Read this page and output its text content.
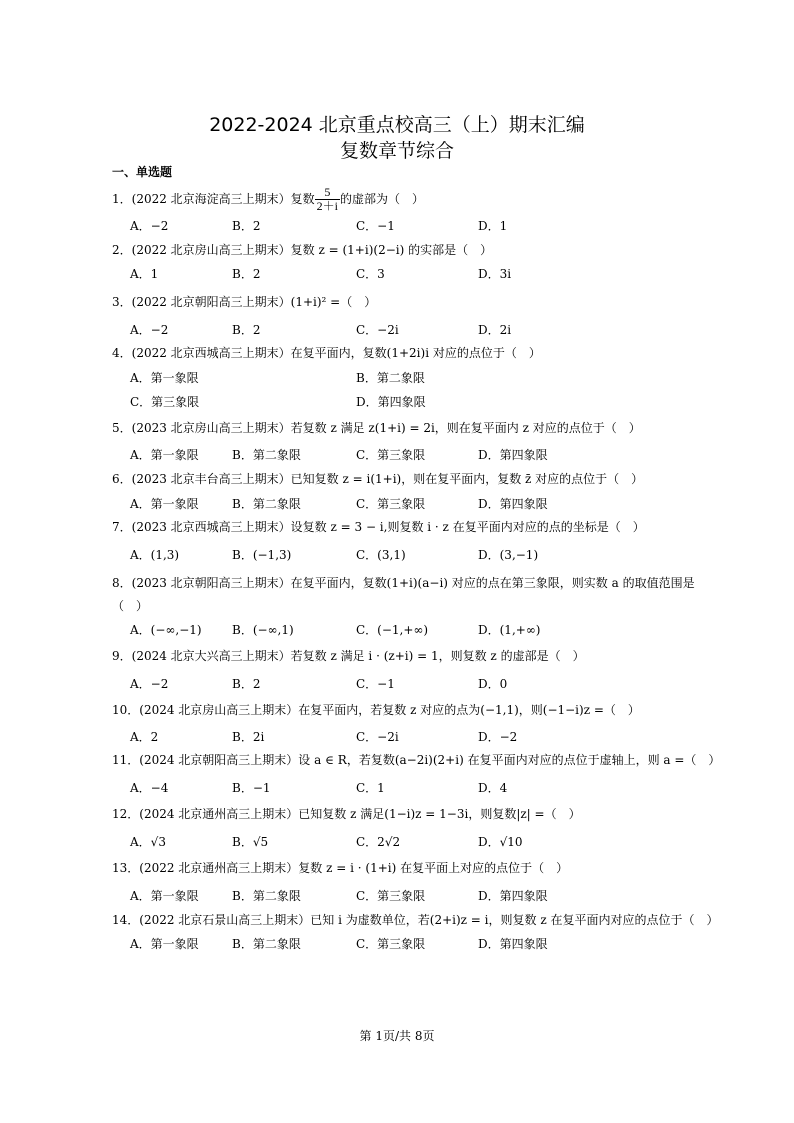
2022-2024 北京重点校高三（上）期末汇编
复数章节综合
一、单选题
1．(2022 北京海淀高三上期末）复数 $\frac{5}{2+i}$ 的虚部为（　）
A．−2	B．2	C．−1	D．1
2．(2022 北京房山高三上期末）复数 z = (1+i)(2−i) 的实部是（　）
A．1	B．2	C．3	D．3i
3．(2022 北京朝阳高三上期末）(1+i)² =（　）
A．−2	B．2	C．−2i	D．2i
4．(2022 北京西城高三上期末）在复平面内，复数(1+2i)i 对应的点位于（　）
A．第一象限	B．第二象限
C．第三象限	D．第四象限
5．(2023 北京房山高三上期末）若复数 z 满足 z(1+i) = 2i，则在复平面内 z 对应的点位于（　）
A．第一象限	B．第二象限	C．第三象限	D．第四象限
6．(2023 北京丰台高三上期末）已知复数 z = i(1+i)，则在复平面内，复数 z̄ 对应的点位于（　）
A．第一象限	B．第二象限	C．第三象限	D．第四象限
7．(2023 北京西城高三上期末）设复数 z = 3 − i,则复数 i · z 在复平面内对应的点的坐标是（　）
A．(1,3)	B．(−1,3)	C．(3,1)	D．(3,−1)
8．(2023 北京朝阳高三上期末）在复平面内，复数(1+i)(a−i) 对应的点在第三象限，则实数 a 的取值范围是
（　）
A．(−∞,−1)	B．(−∞,1)	C．(−1,+∞)	D．(1,+∞)
9．(2024 北京大兴高三上期末）若复数 z 满足 i · (z+i) = 1，则复数 z 的虚部是（　）
A．−2	B．2	C．−1	D．0
10．(2024 北京房山高三上期末）在复平面内，若复数 z 对应的点为(−1,1)，则(−1−i)z =（　）
A．2	B．2i	C．−2i	D．−2
11．(2024 北京朝阳高三上期末）设 a ∈ R，若复数(a−2i)(2+i) 在复平面内对应的点位于虚轴上，则 a =（　）
A．−4	B．−1	C．1	D．4
12．(2024 北京通州高三上期末）已知复数 z 满足(1−i)z = 1−3i，则复数|z| =（　）
A．√3	B．√5	C．2√2	D．√10
13．(2022 北京通州高三上期末）复数 z = i · (1+i) 在复平面上对应的点位于（　）
A．第一象限	B．第二象限	C．第三象限	D．第四象限
14．(2022 北京石景山高三上期末）已知 i 为虚数单位，若(2+i)z = i，则复数 z 在复平面内对应的点位于（　）
A．第一象限	B．第二象限	C．第三象限	D．第四象限
第 1页/共 8页
